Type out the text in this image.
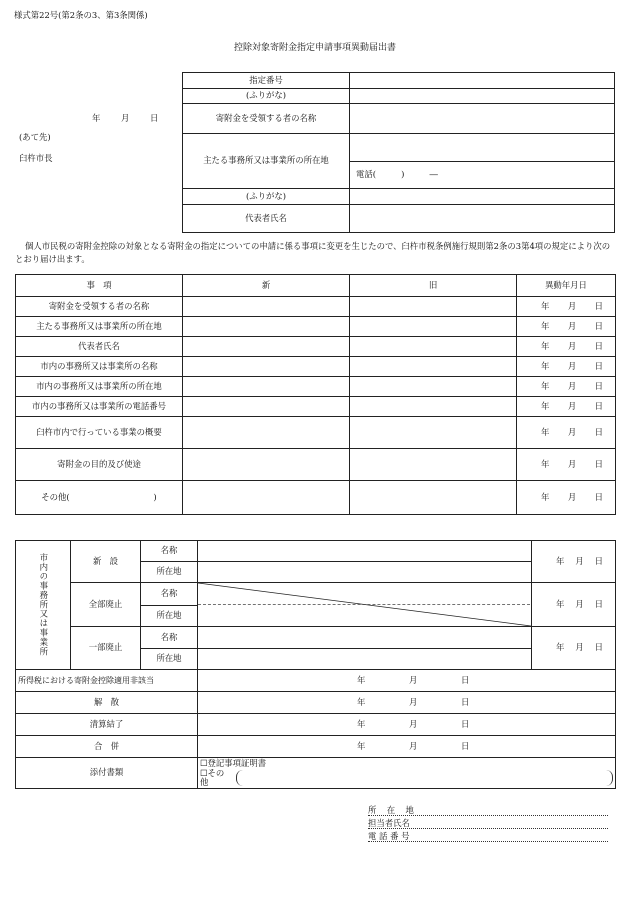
様式第22号(第2条の3、第3条関係)
控除対象寄附金指定申請事項異動届出書
年 月 日
(あて先)
臼杵市長
指定番号	
(ふりがな)	
寄附金を受領する者の名称	
主たる事務所又は事業所の所在地	
	電話(　　　)　　　―
(ふりがな)	
代表者氏名	
個人市民税の寄附金控除の対象となる寄附金の指定についての申請に係る事項に変更を生じたので、臼杵市税条例施行規則第2条の3第4項の規定により次のとおり届け出ます。
事　項	新	旧	異動年月日
寄附金を受領する者の名称			年 月 日

主たる事務所又は事業所の所在地			年 月 日

代表者氏名			年 月 日

市内の事務所又は事業所の名称			年 月 日

市内の事務所又は事業所の所在地			年 月 日

市内の事務所又は事業所の電話番号			年 月 日

臼杵市内で行っている事業の概要			年 月 日

寄附金の目的及び使途			年 月 日

その他(　　　　　　　　　　)			年 月 日
市内の事務所又は事業所	新　設	名称		年 月 日

		所在地		
	全部廃止	名称		年 月 日

		所在地		
	一部廃止	名称		年 月 日

		所在地		
所得税における寄附金控除適用非該当			年 月 日	

解　散			年 月 日	

清算結了			年 月 日	

合　併			年 月 日	

添付書類			☐登記事項証明書
☐その他	
所　在　地
担当者氏名
電 話 番 号
